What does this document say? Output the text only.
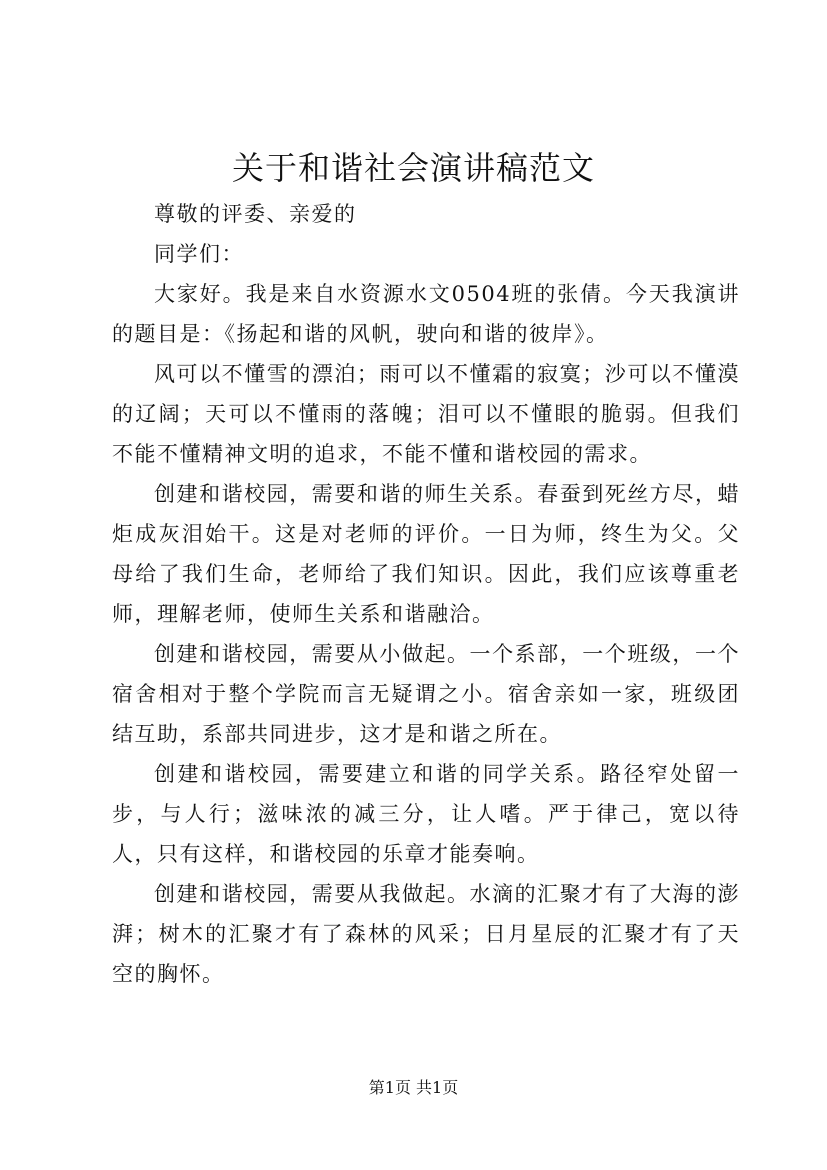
关于和谐社会演讲稿范文

尊敬的评委、亲爱的

同学们：

大家好。我是来自水资源水文0504班的张倩。今天我演讲的题目是：《扬起和谐的风帆，驶向和谐的彼岸》。

风可以不懂雪的漂泊；雨可以不懂霜的寂寞；沙可以不懂漠的辽阔；天可以不懂雨的落魄；泪可以不懂眼的脆弱。但我们不能不懂精神文明的追求，不能不懂和谐校园的需求。

创建和谐校园，需要和谐的师生关系。春蚕到死丝方尽，蜡炬成灰泪始干。这是对老师的评价。一日为师，终生为父。父母给了我们生命，老师给了我们知识。因此，我们应该尊重老师，理解老师，使师生关系和谐融洽。

创建和谐校园，需要从小做起。一个系部，一个班级，一个宿舍相对于整个学院而言无疑谓之小。宿舍亲如一家，班级团结互助，系部共同进步，这才是和谐之所在。

创建和谐校园，需要建立和谐的同学关系。路径窄处留一步，与人行；滋味浓的减三分，让人嗜。严于律己，宽以待人，只有这样，和谐校园的乐章才能奏响。

创建和谐校园，需要从我做起。水滴的汇聚才有了大海的澎湃；树木的汇聚才有了森林的风采；日月星辰的汇聚才有了天空的胸怀。

第1页 共1页
